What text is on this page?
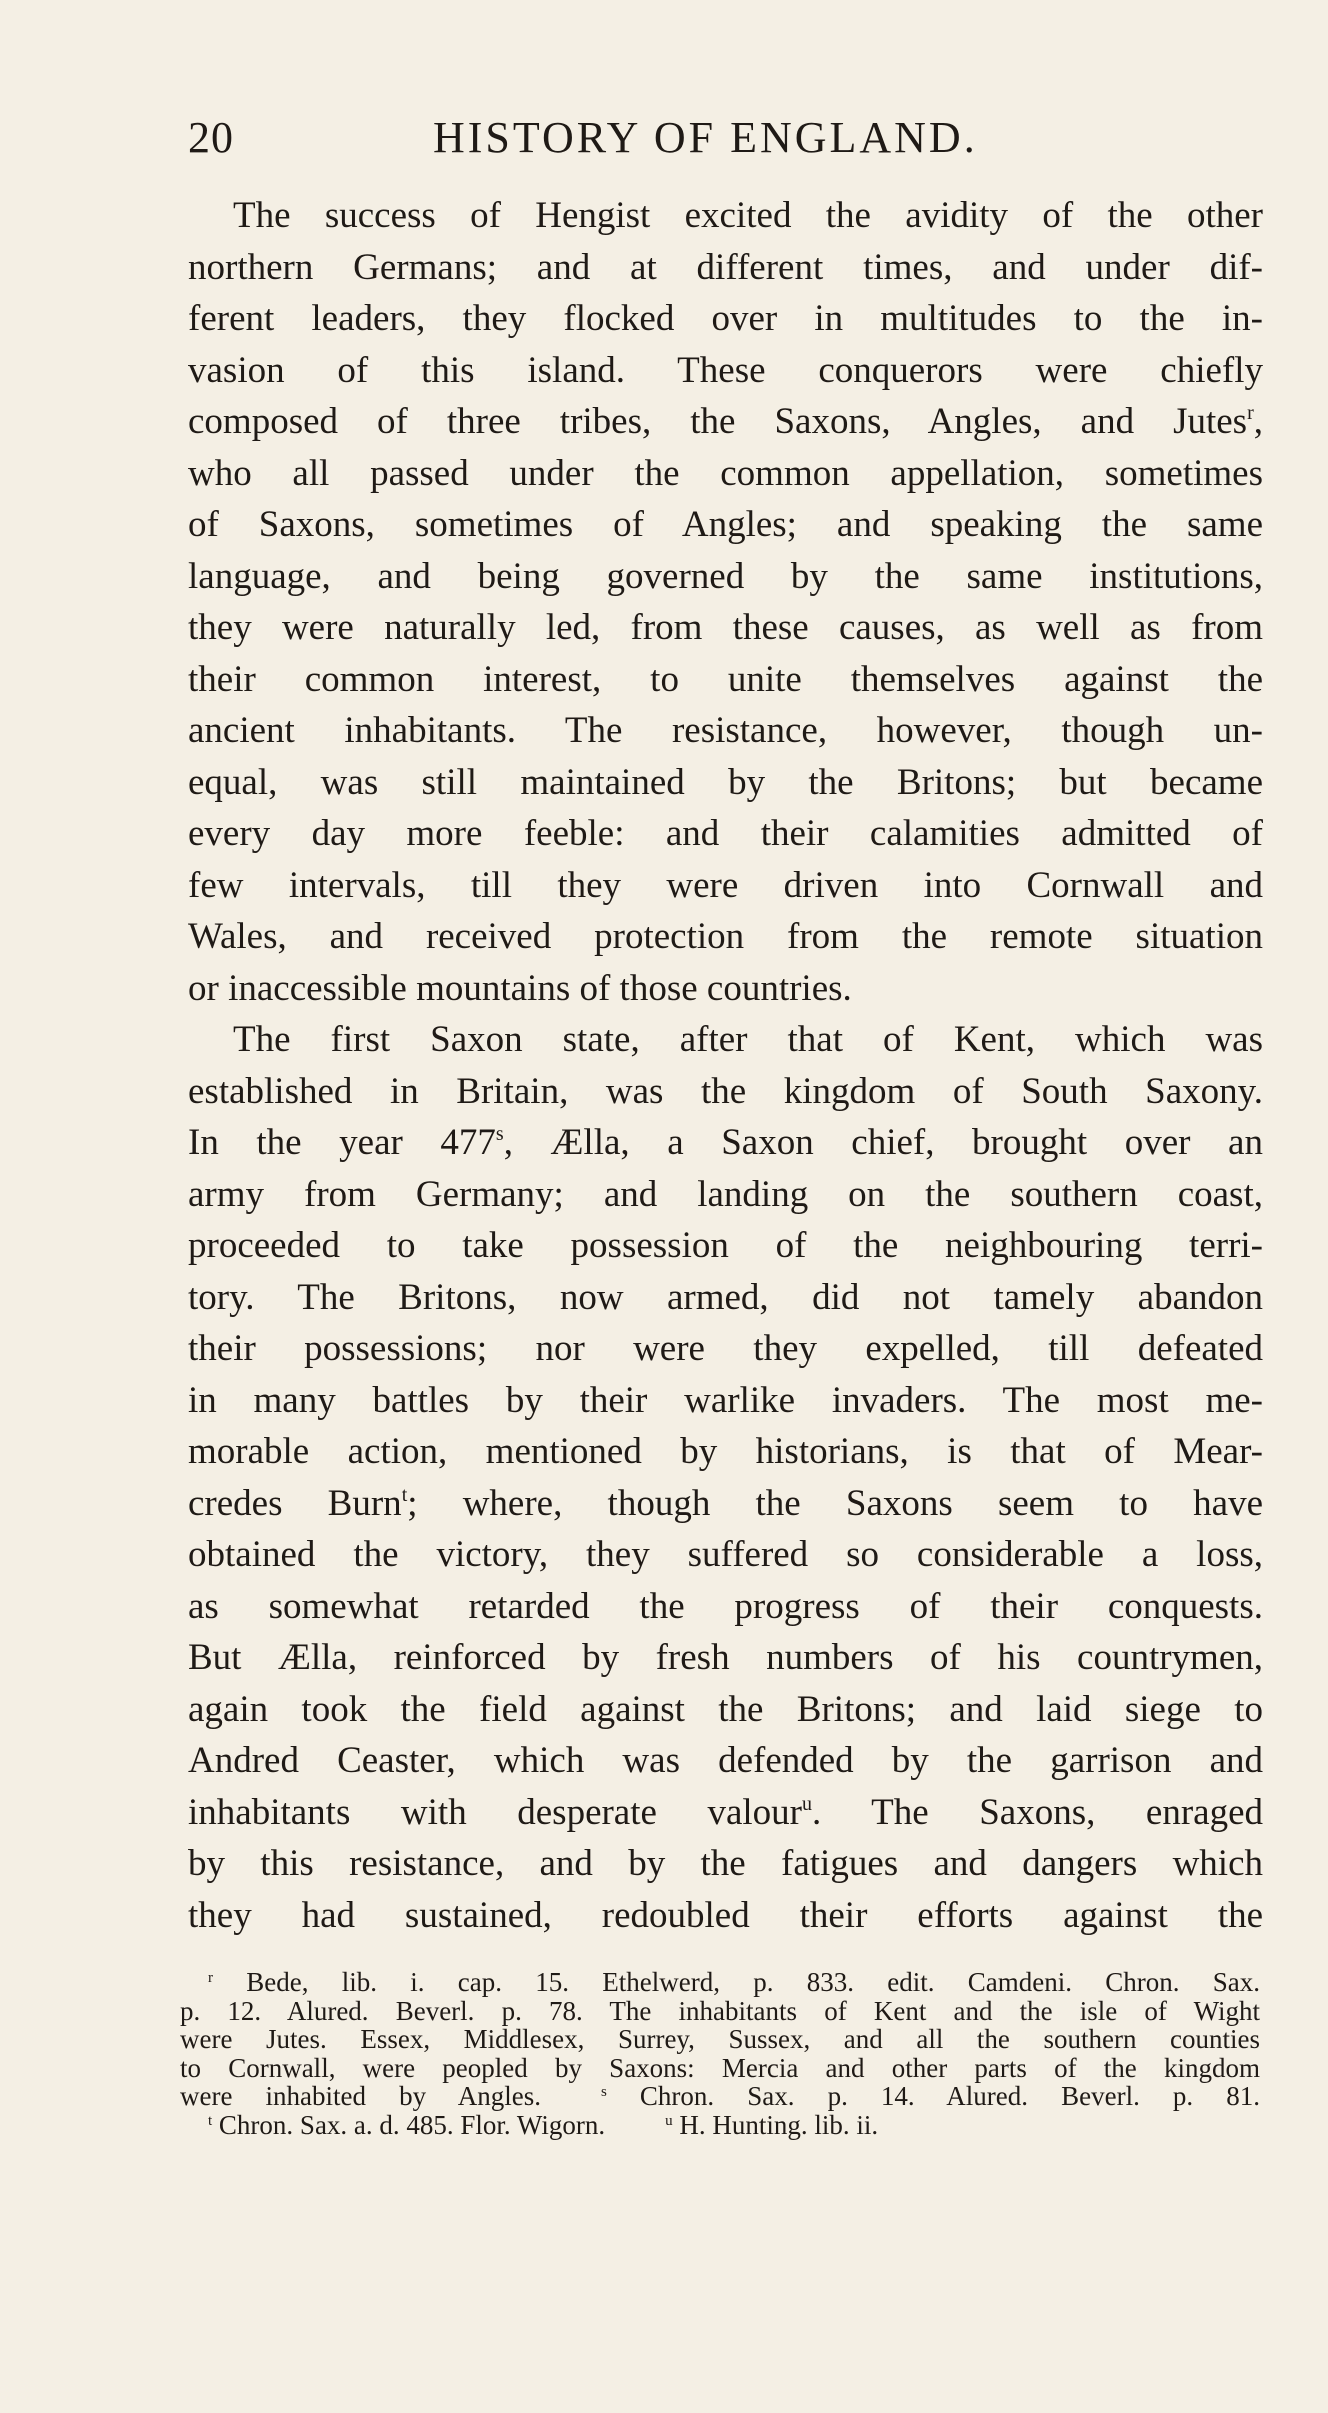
20	HISTORY OF ENGLAND.
The success of Hengist excited the avidity of the other
northern Germans; and at different times, and under dif-
ferent leaders, they flocked over in multitudes to the in-
vasion of this island. These conquerors were chiefly
composed of three tribes, the Saxons, Angles, and Jutes$^r$,
who all passed under the common appellation, sometimes
of Saxons, sometimes of Angles; and speaking the same
language, and being governed by the same institutions,
they were naturally led, from these causes, as well as from
their common interest, to unite themselves against the
ancient inhabitants. The resistance, however, though un-
equal, was still maintained by the Britons; but became
every day more feeble: and their calamities admitted of
few intervals, till they were driven into Cornwall and
Wales, and received protection from the remote situation
or inaccessible mountains of those countries.
The first Saxon state, after that of Kent, which was
established in Britain, was the kingdom of South Saxony.
In the year 477$^s$, Ælla, a Saxon chief, brought over an
army from Germany; and landing on the southern coast,
proceeded to take possession of the neighbouring terri-
tory. The Britons, now armed, did not tamely abandon
their possessions; nor were they expelled, till defeated
in many battles by their warlike invaders. The most me-
morable action, mentioned by historians, is that of Mear-
credes Burn$^t$; where, though the Saxons seem to have
obtained the victory, they suffered so considerable a loss,
as somewhat retarded the progress of their conquests.
But Ælla, reinforced by fresh numbers of his countrymen,
again took the field against the Britons; and laid siege to
Andred Ceaster, which was defended by the garrison and
inhabitants with desperate valour$^u$. The Saxons, enraged
by this resistance, and by the fatigues and dangers which
they had sustained, redoubled their efforts against the
$^r$ Bede, lib. i. cap. 15. Ethelwerd, p. 833. edit. Camdeni. Chron. Sax.
p. 12. Alured. Beverl. p. 78. The inhabitants of Kent and the isle of Wight
were Jutes. Essex, Middlesex, Surrey, Sussex, and all the southern counties
to Cornwall, were peopled by Saxons: Mercia and other parts of the kingdom
were inhabited by Angles.	$^s$ Chron. Sax. p. 14. Alured. Beverl. p. 81.
$^t$ Chron. Sax. a. d. 485. Flor. Wigorn.	$^u$ H. Hunting. lib. ii.
